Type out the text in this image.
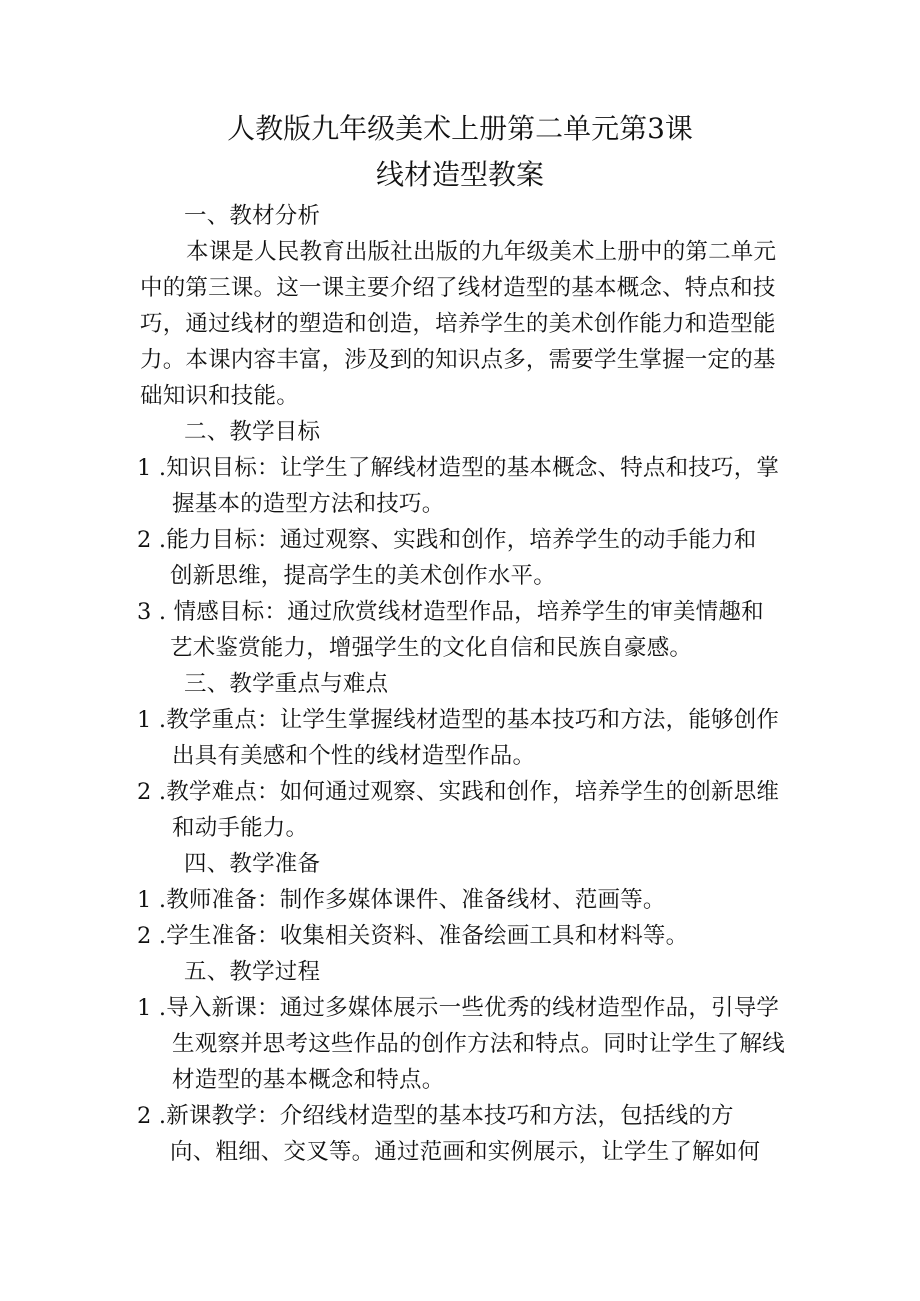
人教版九年级美术上册第二单元第3课
线材造型教案
一、教材分析
本课是人民教育出版社出版的九年级美术上册中的第二单元
中的第三课。这一课主要介绍了线材造型的基本概念、特点和技
巧，通过线材的塑造和创造，培养学生的美术创作能力和造型能
力。本课内容丰富，涉及到的知识点多，需要学生掌握一定的基
础知识和技能。
二、教学目标
1 .知识目标：让学生了解线材造型的基本概念、特点和技巧，掌
握基本的造型方法和技巧。
2 .能力目标：通过观察、实践和创作，培养学生的动手能力和
创新思维，提高学生的美术创作水平。
3 . 情感目标：通过欣赏线材造型作品，培养学生的审美情趣和
艺术鉴赏能力，增强学生的文化自信和民族自豪感。
三、教学重点与难点
1 .教学重点：让学生掌握线材造型的基本技巧和方法，能够创作
出具有美感和个性的线材造型作品。
2 .教学难点：如何通过观察、实践和创作，培养学生的创新思维
和动手能力。
四、教学准备
1 .教师准备：制作多媒体课件、准备线材、范画等。
2 .学生准备：收集相关资料、准备绘画工具和材料等。
五、教学过程
1 .导入新课：通过多媒体展示一些优秀的线材造型作品，引导学
生观察并思考这些作品的创作方法和特点。同时让学生了解线
材造型的基本概念和特点。
2 .新课教学：介绍线材造型的基本技巧和方法，包括线的方
向、粗细、交叉等。通过范画和实例展示，让学生了解如何
